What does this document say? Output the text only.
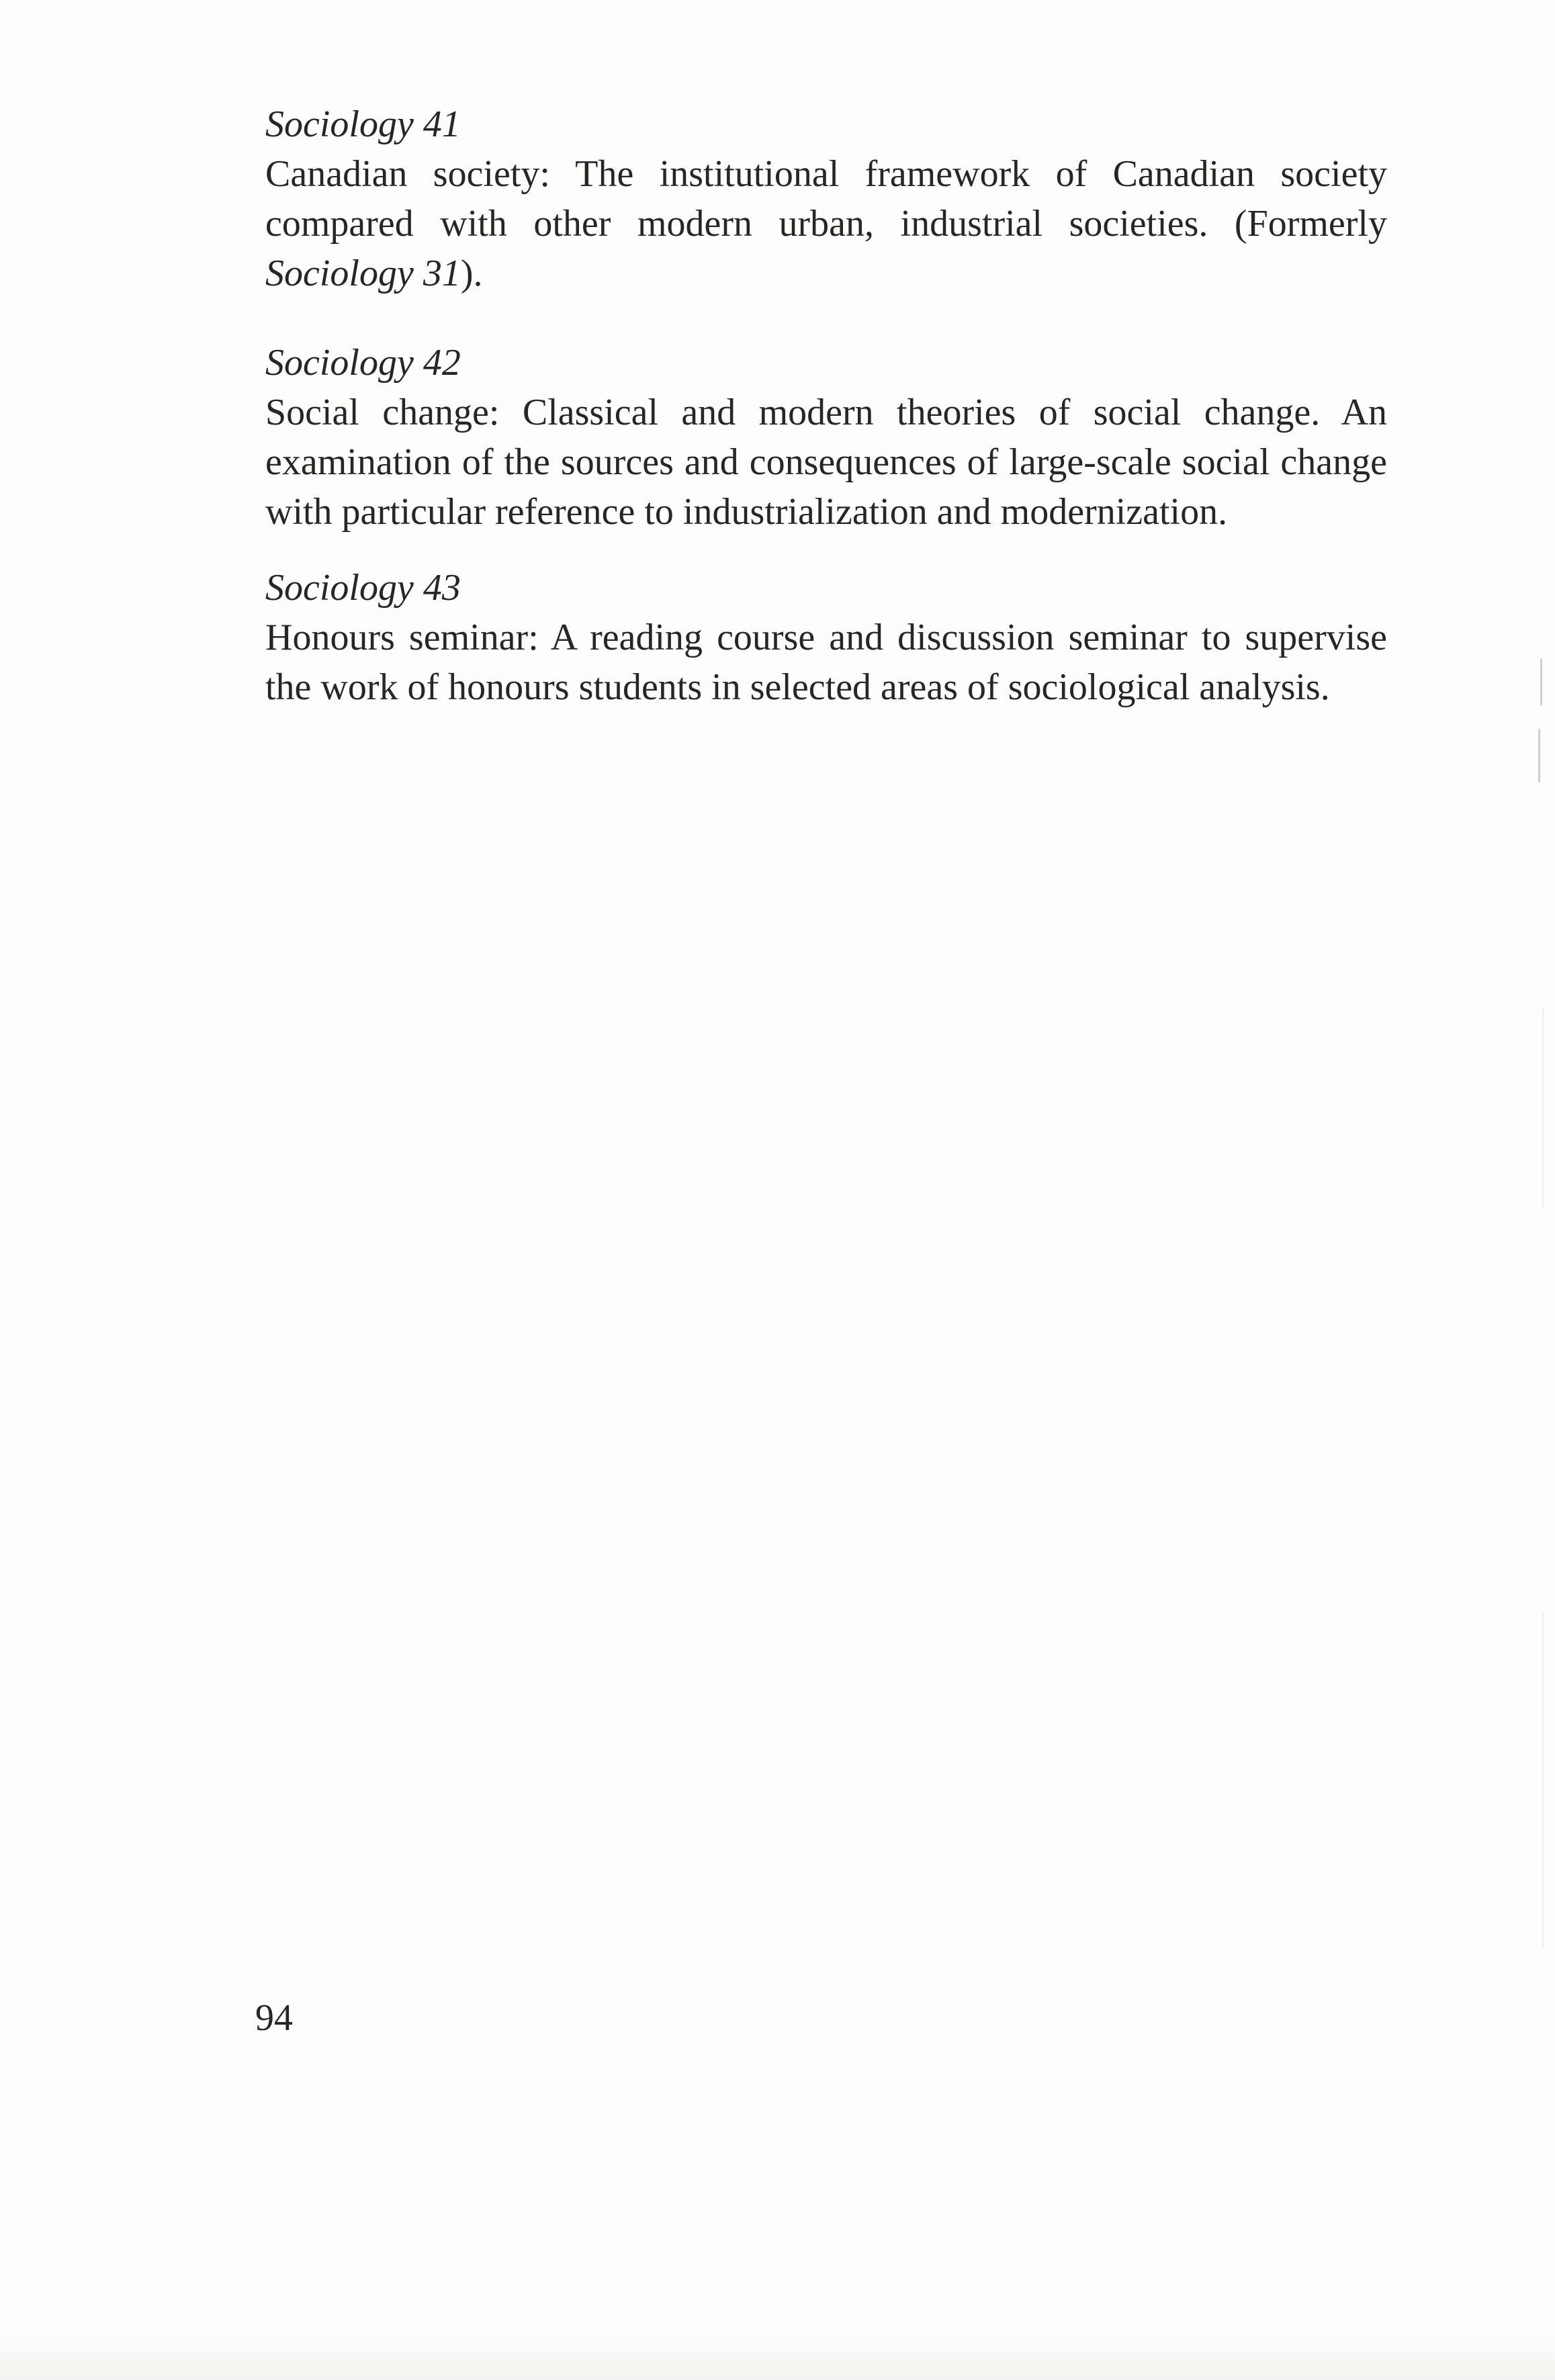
Sociology 41

Canadian society: The institutional framework of Canadian society compared with other modern urban, industrial societies. (Formerly Sociology 31).

Sociology 42

Social change: Classical and modern theories of social change. An examination of the sources and consequences of large-scale social change with particular reference to industrialization and modernization.

Sociology 43

Honours seminar: A reading course and discussion seminar to supervise the work of honours students in selected areas of sociological analysis.

94
